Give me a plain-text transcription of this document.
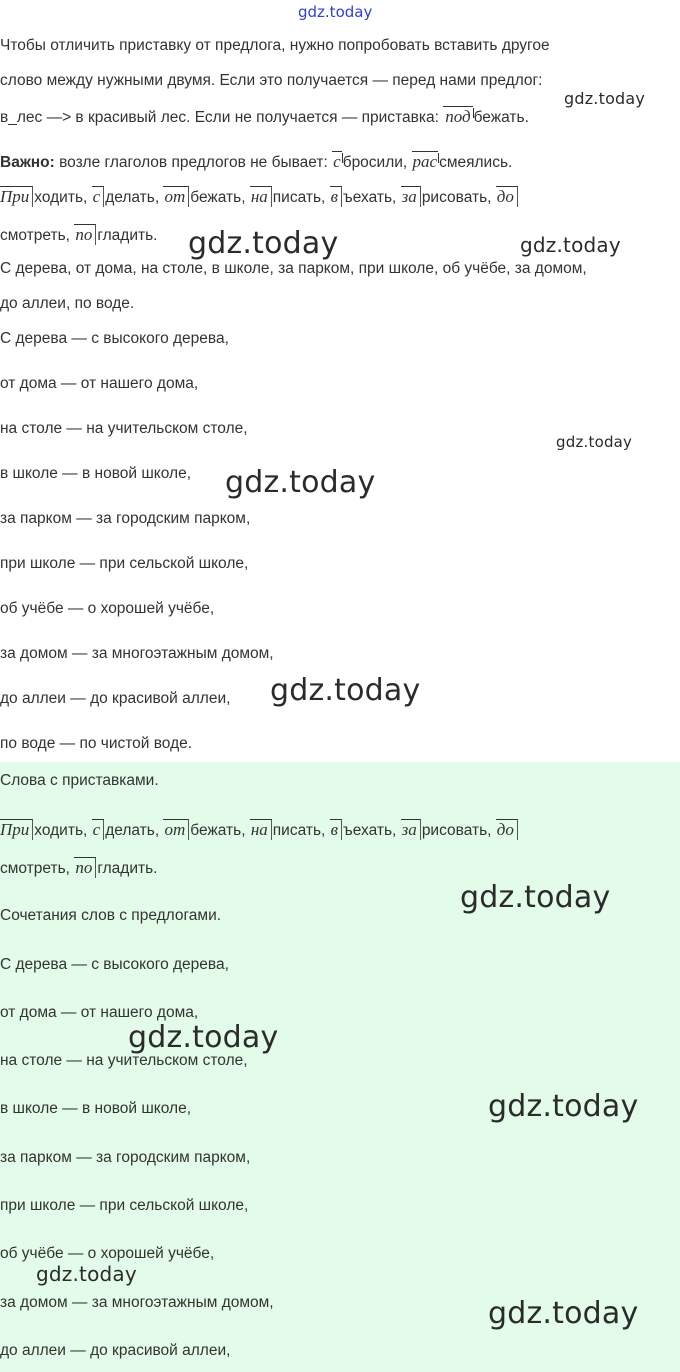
gdz.today
Чтобы отличить приставку от предлога, нужно попробовать вставить другое
слово между нужными двумя. Если это получается — перед нами предлог:
в_лес —> в красивый лес. Если не получается — приставка: под бежать.
Важно: возле глаголов предлогов не бывает: с бросили, рас смеялись.
При ходить, с делать, от бежать, на писать, в ъехать, за рисовать, до
смотреть, по гладить.
С дерева, от дома, на столе, в школе, за парком, при школе, об учёбе, за домом,
до аллеи, по воде.
С дерева — с высокого дерева,
от дома — от нашего дома,
на столе — на учительском столе,
в школе — в новой школе,
за парком — за городским парком,
при школе — при сельской школе,
об учёбе — о хорошей учёбе,
за домом — за многоэтажным домом,
до аллеи — до красивой аллеи,
по воде — по чистой воде.
Слова с приставками.
При ходить, с делать, от бежать, на писать, в ъехать, за рисовать, до
смотреть, по гладить.
Сочетания слов с предлогами.
С дерева — с высокого дерева,
от дома — от нашего дома,
на столе — на учительском столе,
в школе — в новой школе,
за парком — за городским парком,
при школе — при сельской школе,
об учёбе — о хорошей учёбе,
за домом — за многоэтажным домом,
до аллеи — до красивой аллеи,
gdz.today
gdz.today	gdz.today
gdz.today
gdz.today
gdz.today
gdz.today
gdz.today
gdz.today
gdz.today
gdz.today
